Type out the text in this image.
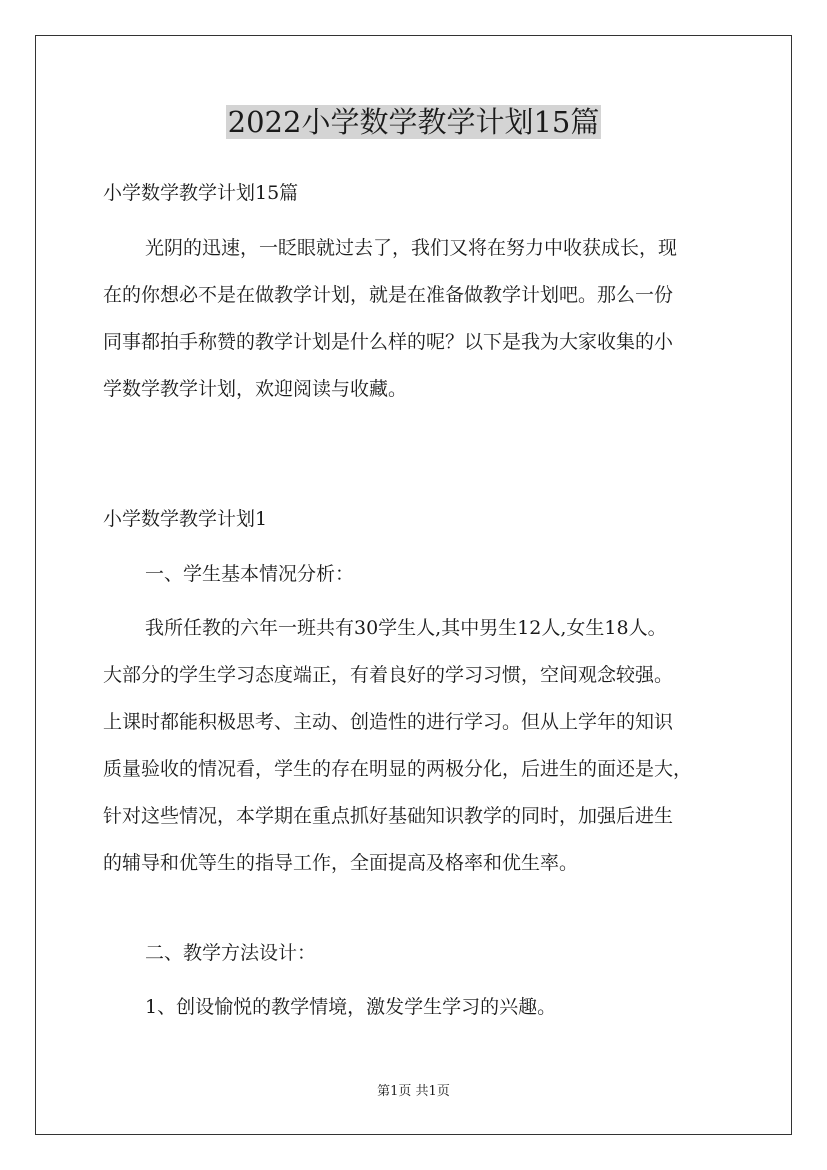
2022小学数学教学计划15篇

小学数学教学计划15篇

光阴的迅速，一眨眼就过去了，我们又将在努力中收获成长，现
在的你想必不是在做教学计划，就是在准备做教学计划吧。那么一份
同事都拍手称赞的教学计划是什么样的呢？以下是我为大家收集的小
学数学教学计划，欢迎阅读与收藏。

小学数学教学计划1

一、学生基本情况分析：

我所任教的六年一班共有30学生人,其中男生12人,女生18人。
大部分的学生学习态度端正，有着良好的学习习惯，空间观念较强。
上课时都能积极思考、主动、创造性的进行学习。但从上学年的知识
质量验收的情况看，学生的存在明显的两极分化，后进生的面还是大，
针对这些情况，本学期在重点抓好基础知识教学的同时，加强后进生
的辅导和优等生的指导工作，全面提高及格率和优生率。

二、教学方法设计：

1、创设愉悦的教学情境，激发学生学习的兴趣。

第1页 共1页
